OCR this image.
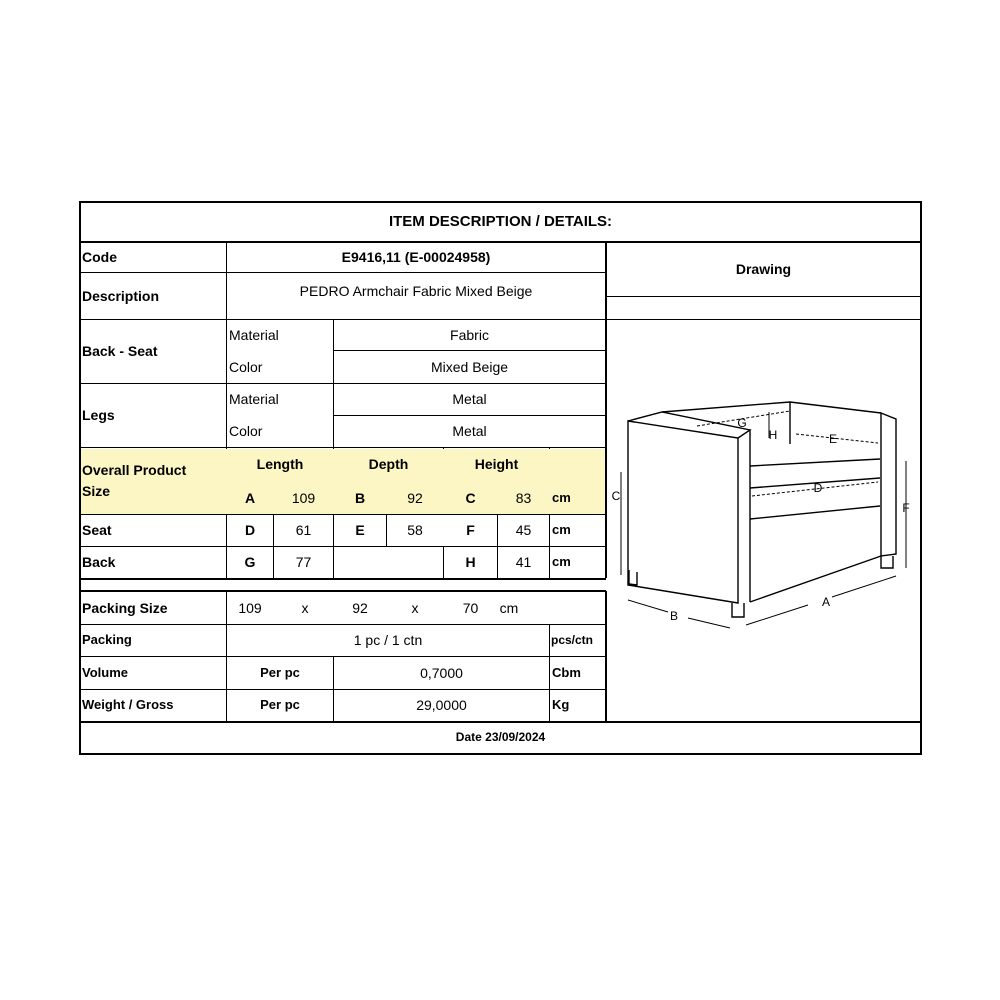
ITEM DESCRIPTION / DETAILS:
Code	E9416,11 (E-00024958)
Description	PEDRO Armchair Fabric Mixed Beige
Drawing
Back - Seat
Material	Fabric
Color	Mixed Beige
Legs
Material	Metal
Color	Metal
Overall Product
Size
Length	Depth	Height
A	109	B	92	C	83	cm
Seat	D	61	E	58	F	45	cm
Back	G	77	H	41	cm
Packing Size	109	x	92	x	70	cm
Packing	1 pc / 1 ctn	pcs/ctn
Volume	Per pc	0,7000	Cbm
Weight / Gross	Per pc	29,0000	Kg
Date 23/09/2024
G
H	E
D
C
F
B
A
